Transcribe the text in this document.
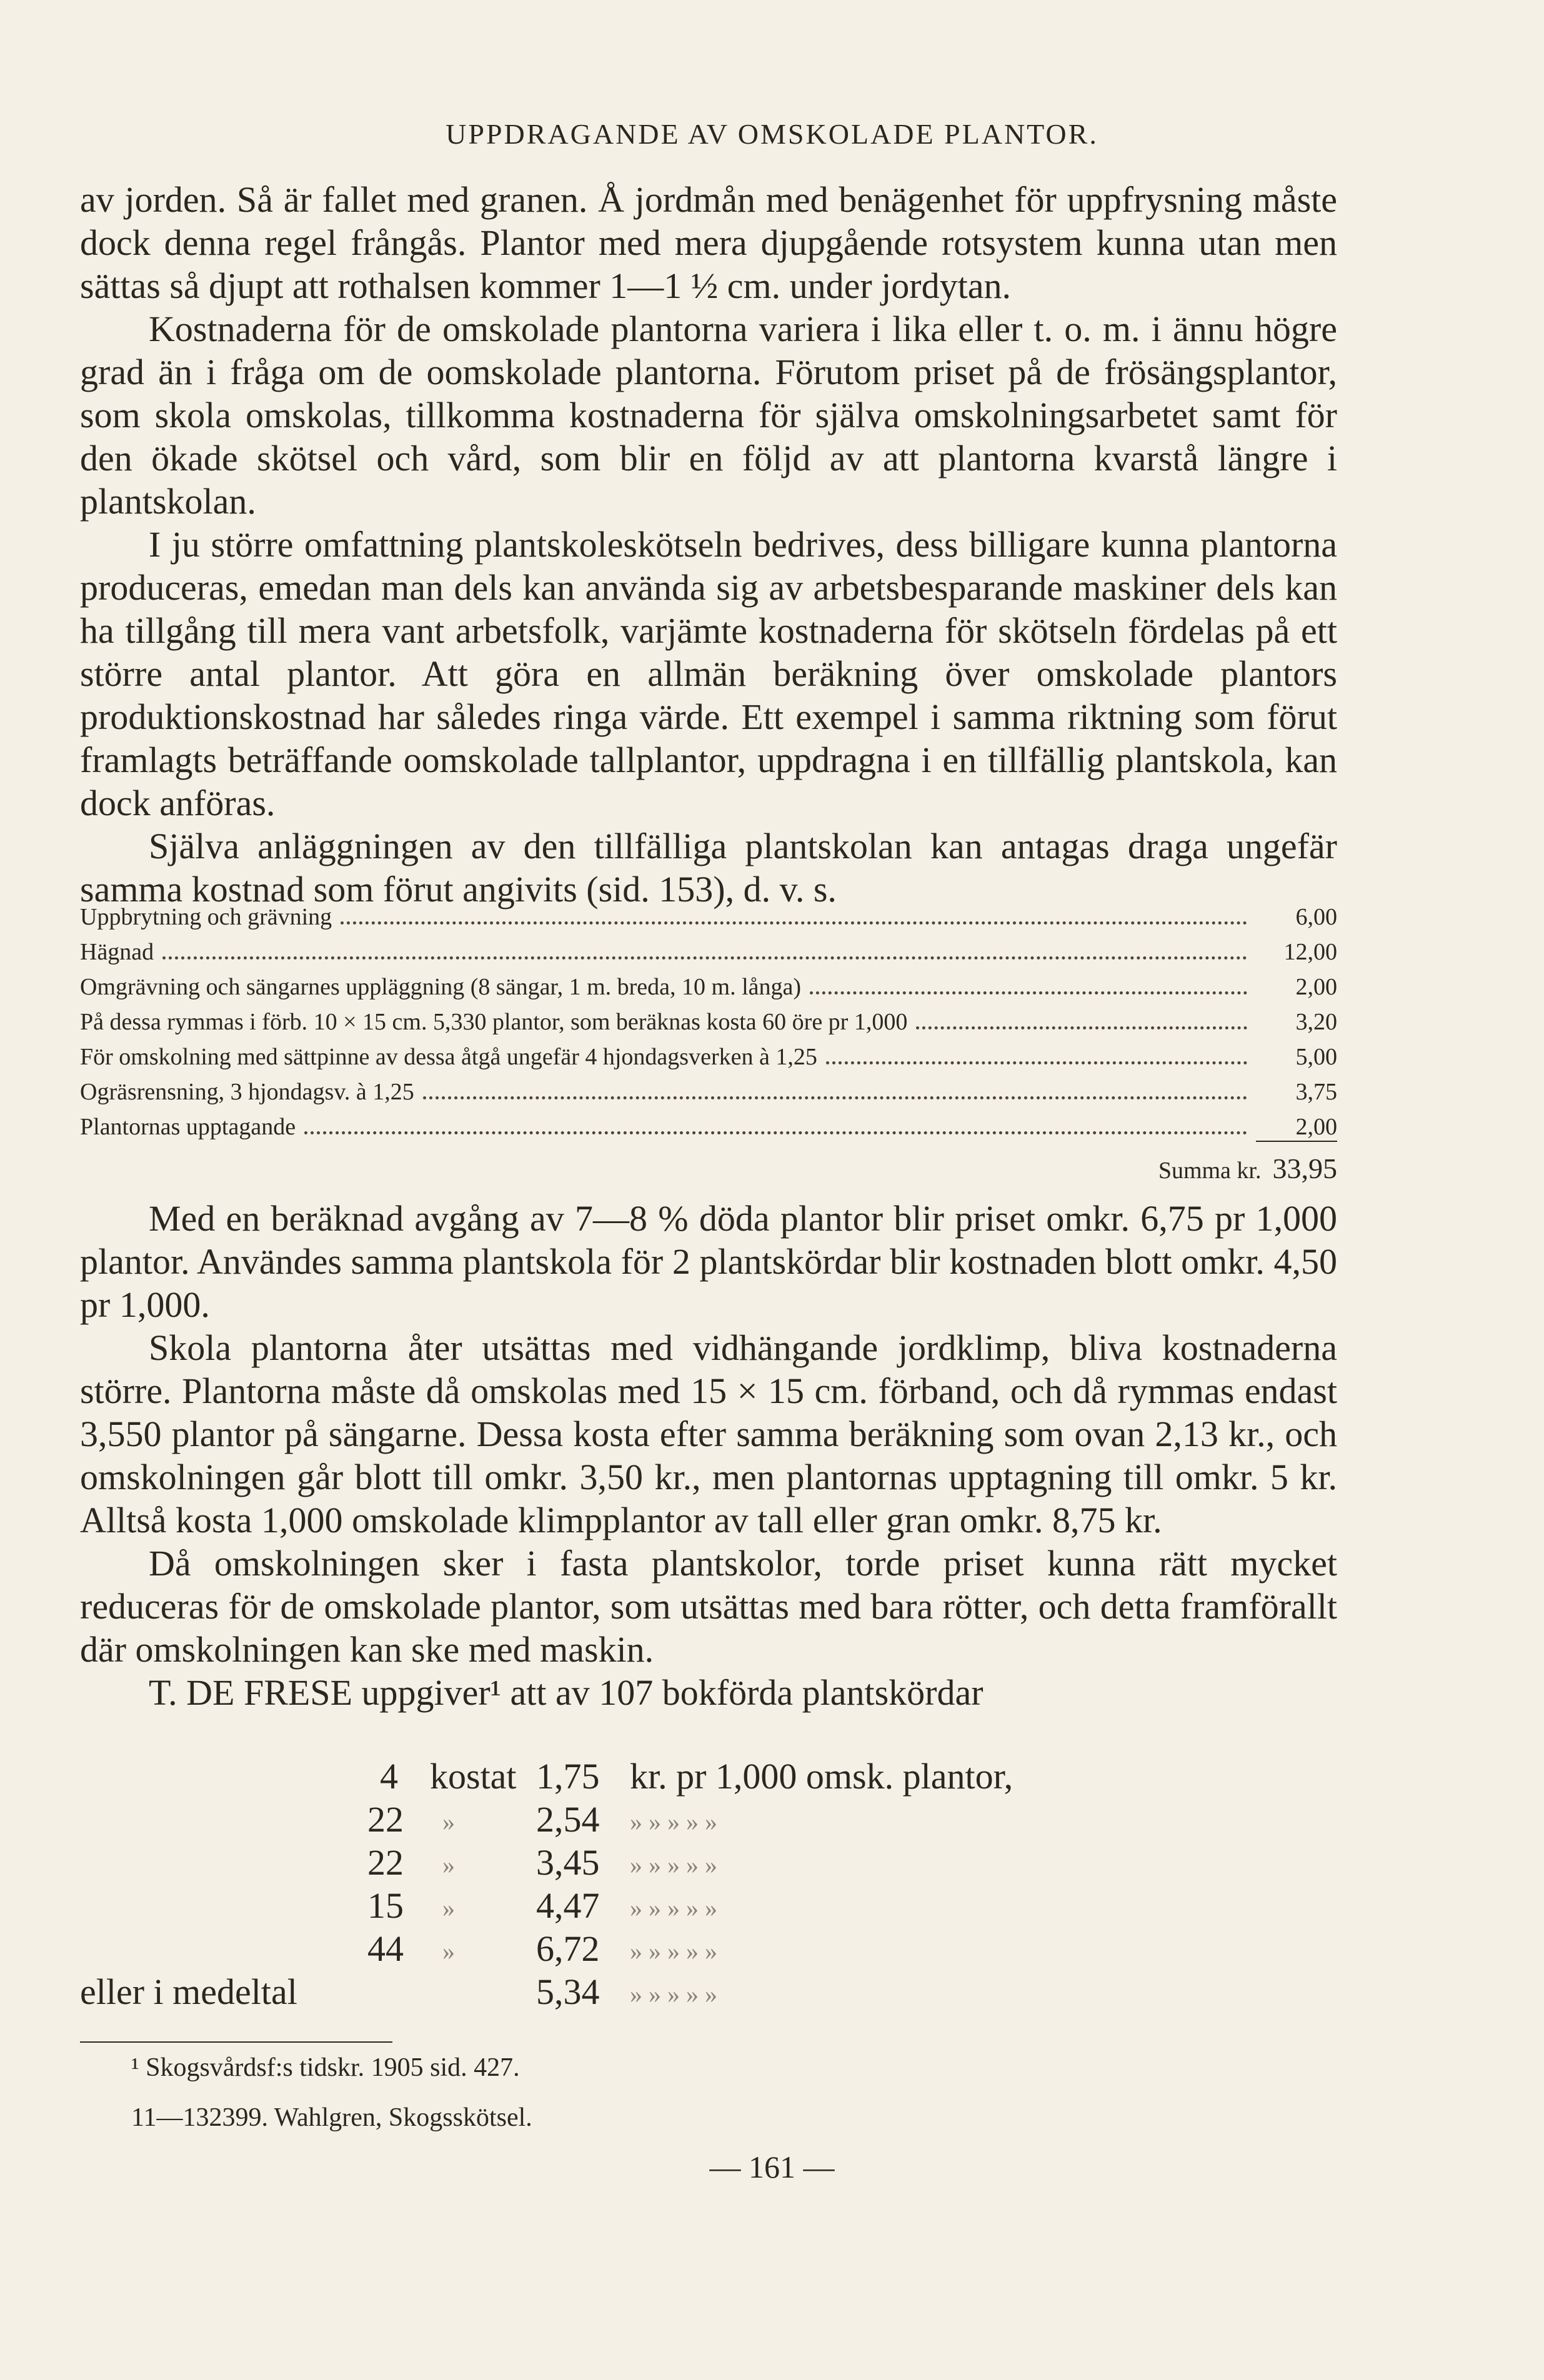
UPPDRAGANDE AV OMSKOLADE PLANTOR.

av jorden. Så är fallet med granen. Å jordmån med benägenhet för uppfrysning måste dock denna regel frångås. Plantor med mera djupgående rotsystem kunna utan men sättas så djupt att rothalsen kommer 1—1 ½ cm. under jordytan.

Kostnaderna för de omskolade plantorna variera i lika eller t. o. m. i ännu högre grad än i fråga om de oomskolade plantorna. Förutom priset på de frösängsplantor, som skola omskolas, tillkomma kostnaderna för själva omskolningsarbetet samt för den ökade skötsel och vård, som blir en följd av att plantorna kvarstå längre i plantskolan.

I ju större omfattning plantskoleskötseln bedrives, dess billigare kunna plantorna produceras, emedan man dels kan använda sig av arbetsbesparande maskiner dels kan ha tillgång till mera vant arbetsfolk, varjämte kostnaderna för skötseln fördelas på ett större antal plantor. Att göra en allmän beräkning över omskolade plantors produktionskostnad har således ringa värde. Ett exempel i samma riktning som förut framlagts beträffande oomskolade tallplantor, uppdragna i en tillfällig plantskola, kan dock anföras.

Själva anläggningen av den tillfälliga plantskolan kan antagas draga ungefär samma kostnad som förut angivits (sid. 153), d. v. s.

Uppbrytning och grävning	6,00
Hägnad	12,00
Omgrävning och sängarnes uppläggning (8 sängar, 1 m. breda, 10 m. långa)	2,00
På dessa rymmas i förb. 10 × 15 cm. 5,330 plantor, som beräknas kosta 60 öre pr 1,000	3,20
För omskolning med sättpinne av dessa åtgå ungefär 4 hjondagsverken à 1,25	5,00
Ogräsrensning, 3 hjondagsv. à 1,25	3,75
Plantornas upptagande	2,00
Summa kr. 33,95

Med en beräknad avgång av 7—8 % döda plantor blir priset omkr. 6,75 pr 1,000 plantor. Användes samma plantskola för 2 plantskördar blir kostnaden blott omkr. 4,50 pr 1,000.

Skola plantorna åter utsättas med vidhängande jordklimp, bliva kostnaderna större. Plantorna måste då omskolas med 15 × 15 cm. förband, och då rymmas endast 3,550 plantor på sängarne. Dessa kosta efter samma beräkning som ovan 2,13 kr., och omskolningen går blott till omkr. 3,50 kr., men plantornas upptagning till omkr. 5 kr. Alltså kosta 1,000 omskolade klimpplantor av tall eller gran omkr. 8,75 kr.

Då omskolningen sker i fasta plantskolor, torde priset kunna rätt mycket reduceras för de omskolade plantor, som utsättas med bara rötter, och detta framförallt där omskolningen kan ske med maskin.

T. DE FRESE uppgiver¹ att av 107 bokförda plantskördar

4 kostat 1,75 kr. pr 1,000 omsk. plantor,
22 » 2,54 » » » » »
22 » 3,45 » » » » »
15 » 4,47 » » » » »
44 » 6,72 » » » » »
eller i medeltal	5,34 » » » » »
¹ Skogsvårdsf:s tidskr. 1905 sid. 427.
11—132399. Wahlgren, Skogsskötsel.
— 161 —
